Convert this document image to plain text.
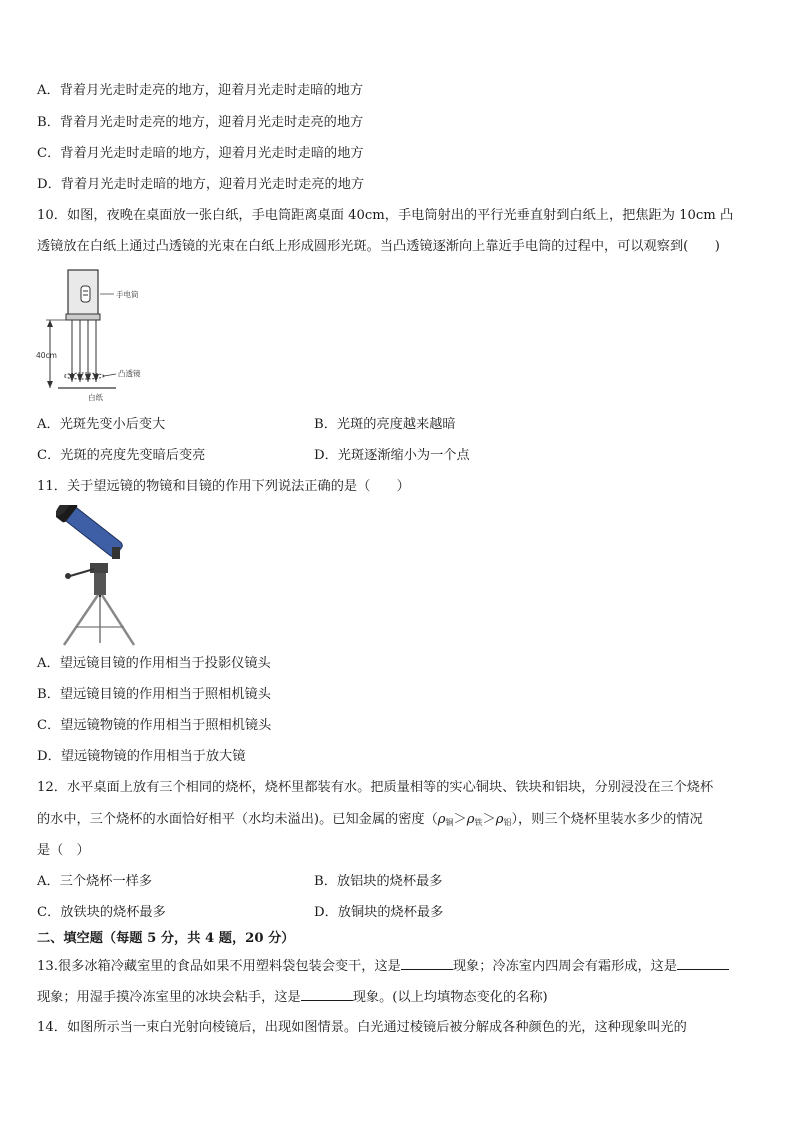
A．背着月光走时走亮的地方，迎着月光走时走暗的地方
B．背着月光走时走亮的地方，迎着月光走时走亮的地方
C．背着月光走时走暗的地方，迎着月光走时走暗的地方
D．背着月光走时走暗的地方，迎着月光走时走亮的地方
10．如图，夜晚在桌面放一张白纸，手电筒距离桌面 40cm，手电筒射出的平行光垂直射到白纸上，把焦距为 10cm 凸
透镜放在白纸上通过凸透镜的光束在白纸上形成圆形光斑。当凸透镜逐渐向上靠近手电筒的过程中，可以观察到(　　)
手电筒
40cm
凸透镜
白纸
A．光斑先变小后变大	B．光斑的亮度越来越暗
C．光斑的亮度先变暗后变亮	D．光斑逐渐缩小为一个点
11．关于望远镜的物镜和目镜的作用下列说法正确的是（　　）
A．望远镜目镜的作用相当于投影仪镜头
B．望远镜目镜的作用相当于照相机镜头
C．望远镜物镜的作用相当于照相机镜头
D．望远镜物镜的作用相当于放大镜
12．水平桌面上放有三个相同的烧杯，烧杯里都装有水。把质量相等的实心铜块、铁块和铝块，分别浸没在三个烧杯
的水中，三个烧杯的水面恰好相平（水均未溢出)。已知金属的密度$(\rho_铜>\rho_铁>\rho_铝)$，则三个烧杯里装水多少的情况
是（　）
A．三个烧杯一样多	B．放铝块的烧杯最多
C．放铁块的烧杯最多	D．放铜块的烧杯最多
二、填空题（每题 5 分，共 4 题，20 分）
13.很多冰箱冷藏室里的食品如果不用塑料袋包装会变干，这是	现象；冷冻室内四周会有霜形成，这是
现象；用湿手摸冷冻室里的冰块会粘手，这是	现象。(以上均填物态变化的名称)
14．如图所示当一束白光射向棱镜后，出现如图情景。白光通过棱镜后被分解成各种颜色的光，这种现象叫光的
